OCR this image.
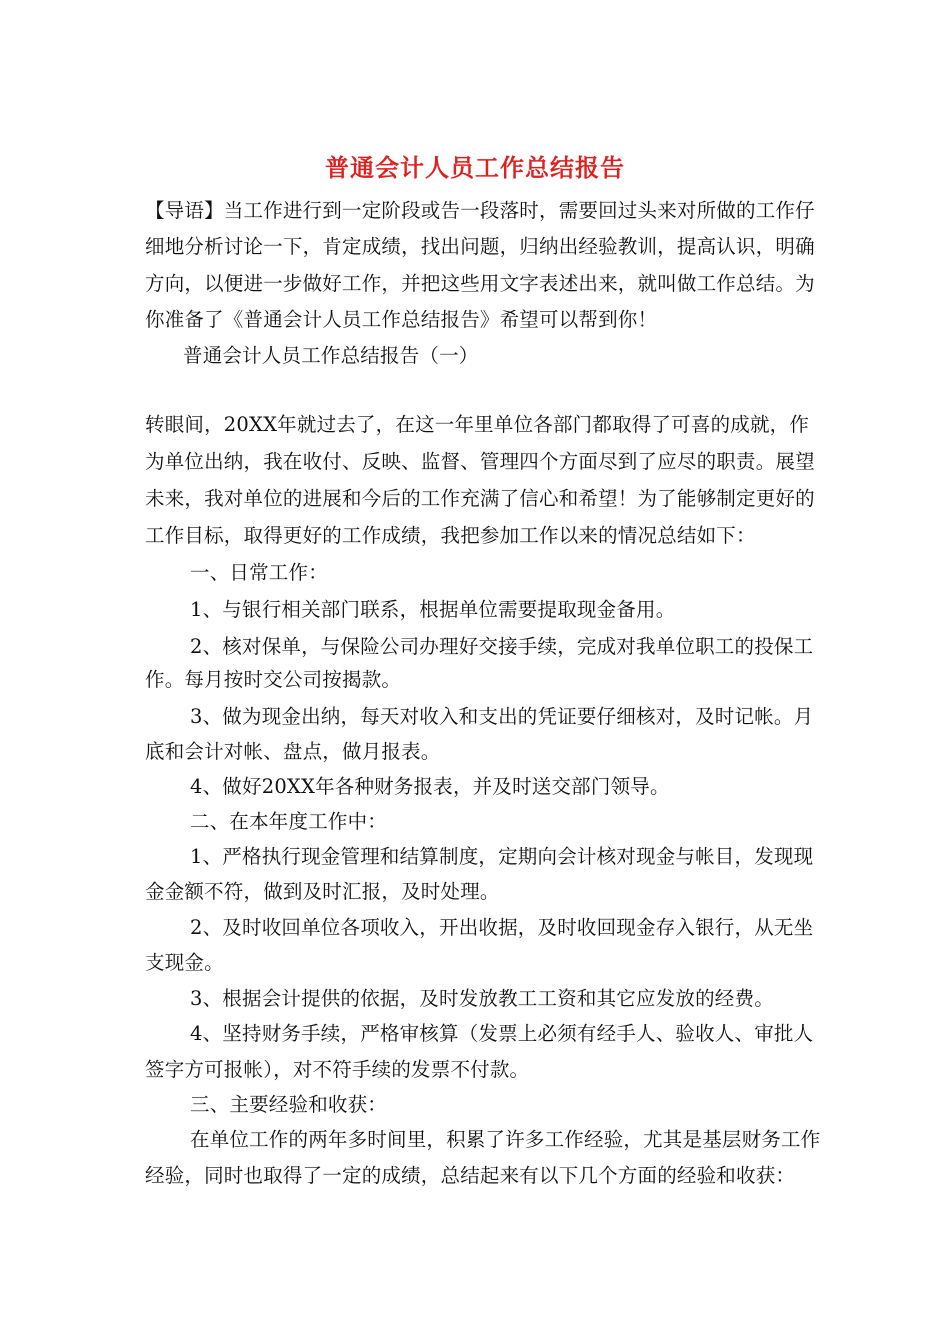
普通会计人员工作总结报告
【导语】当工作进行到一定阶段或告一段落时，需要回过头来对所做的工作仔
细地分析讨论一下，肯定成绩，找出问题，归纳出经验教训，提高认识，明确
方向，以便进一步做好工作，并把这些用文字表述出来，就叫做工作总结。为
你准备了《普通会计人员工作总结报告》希望可以帮到你！
普通会计人员工作总结报告（一）
转眼间，20XX年就过去了，在这一年里单位各部门都取得了可喜的成就，作
为单位出纳，我在收付、反映、监督、管理四个方面尽到了应尽的职责。展望
未来，我对单位的进展和今后的工作充满了信心和希望！为了能够制定更好的
工作目标，取得更好的工作成绩，我把参加工作以来的情况总结如下：
一、日常工作：
1、与银行相关部门联系，根据单位需要提取现金备用。
2、核对保单，与保险公司办理好交接手续，完成对我单位职工的投保工
作。每月按时交公司按揭款。
3、做为现金出纳，每天对收入和支出的凭证要仔细核对，及时记帐。月
底和会计对帐、盘点，做月报表。
4、做好20XX年各种财务报表，并及时送交部门领导。
二、在本年度工作中：
1、严格执行现金管理和结算制度，定期向会计核对现金与帐目，发现现
金金额不符，做到及时汇报，及时处理。
2、及时收回单位各项收入，开出收据，及时收回现金存入银行，从无坐
支现金。
3、根据会计提供的依据，及时发放教工工资和其它应发放的经费。
4、坚持财务手续，严格审核算（发票上必须有经手人、验收人、审批人
签字方可报帐），对不符手续的发票不付款。
三、主要经验和收获：
在单位工作的两年多时间里，积累了许多工作经验，尤其是基层财务工作
经验，同时也取得了一定的成绩，总结起来有以下几个方面的经验和收获：
